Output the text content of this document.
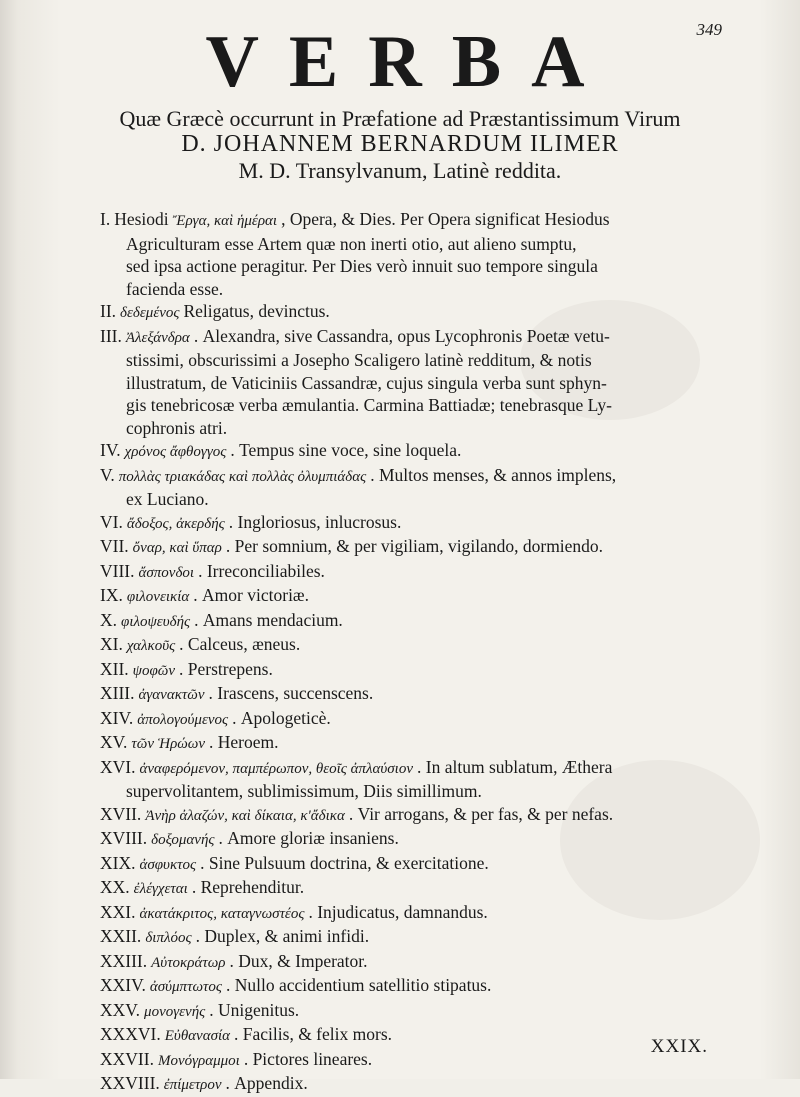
349
VERBA
Quæ Græcè occurrunt in Præfatione ad Præstantissimum Virum
D. JOHANNEM BERNARDUM ILIMER
M. D. Transylvanum, Latinè reddita.
I. Hesiodi Ἔργα, καὶ ἡμέραι , Opera, & Dies. Per Opera significat Hesiodus
Agriculturam esse Artem quæ non inerti otio, aut alieno sumptu,
sed ipsa actione peragitur. Per Dies verò innuit suo tempore singula
facienda esse.
II. δεδεμένος Religatus, devinctus.
III. Ἀλεξάνδρα . Alexandra, sive Cassandra, opus Lycophronis Poetæ vetu-
stissimi, obscurissimi a Josepho Scaligero latinè redditum, & notis
illustratum, de Vaticiniis Cassandræ, cujus singula verba sunt sphyn-
gis tenebricosæ verba æmulantia. Carmina Battiadæ; tenebrasque Ly-
cophronis atri.
IV. χρόνος ἄφθογγος . Tempus sine voce, sine loquela.
V. πολλὰς τριακάδας καὶ πολλὰς ὀλυμπιάδας . Multos menses, & annos implens,
ex Luciano.
VI. ἄδοξος, ἀκερδής . Ingloriosus, inlucrosus.
VII. ὄναρ, καὶ ὕπαρ . Per somnium, & per vigiliam, vigilando, dormiendo.
VIII. ἄσπονδοι . Irreconciliabiles.
IX. φιλονεικία . Amor victoriæ.
X. φιλοψευδής . Amans mendacium.
XI. χαλκοῦς . Calceus, æneus.
XII. ψοφῶν . Perstrepens.
XIII. ἀγανακτῶν . Irascens, succenscens.
XIV. ἀπολογούμενος . Apologeticè.
XV. τῶν Ἡρώων . Heroem.
XVI. ἀναφερόμενον, παμπέρωπον, θεοῖς ἀπλαύσιον . In altum sublatum, Æthera
supervolitantem, sublimissimum, Diis simillimum.
XVII. Ἀνὴρ ἀλαζών, καὶ δίκαια, κ'ἄδικα . Vir arrogans, & per fas, & per nefas.
XVIII. δοξομανής . Amore gloriæ insaniens.
XIX. ἀσφυκτος . Sine Pulsuum doctrina, & exercitatione.
XX. ἐλέγχεται . Reprehenditur.
XXI. ἀκατάκριτος, καταγνωστέος . Injudicatus, damnandus.
XXII. διπλόος . Duplex, & animi infidi.
XXIII. Αὐτοκράτωρ . Dux, & Imperator.
XXIV. ἀσύμπτωτος . Nullo accidentium satellitio stipatus.
XXV. μονογενής . Unigenitus.
XXXVI. Εὐθανασία . Facilis, & felix mors.
XXVII. Μονόγραμμοι . Pictores lineares.
XXVIII. ἐπίμετρον . Appendix.
XXIX.
